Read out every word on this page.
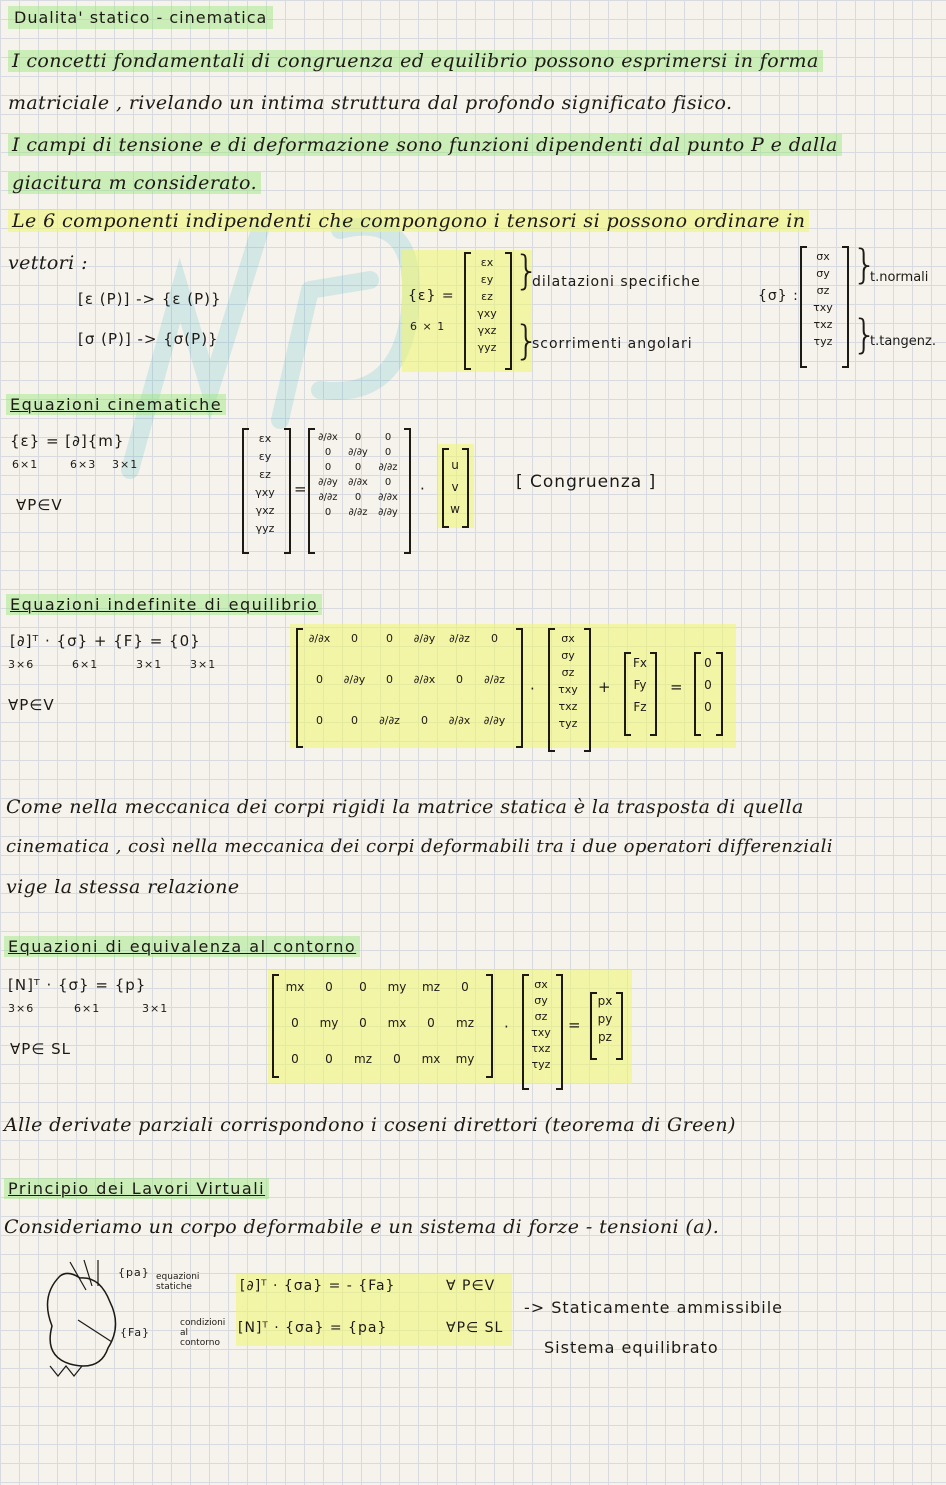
Dualita' statico - cinematica
I concetti fondamentali di congruenza ed equilibrio possono esprimersi in forma
matriciale , rivelando un intima struttura dal profondo significato fisico.
I campi di tensione e di deformazione sono funzioni dipendenti dal punto P e dalla
giacitura m considerato.
Le 6 componenti indipendenti che compongono i tensori si possono ordinare in
vettori :
[ε (P)] -> {ε (P)}
[σ (P)] -> {σ(P)}
{ε} =
6 × 1
εx
εy
εz
γxy
γxz
γyz
}
}
dilatazioni specifiche
scorrimenti angolari
{σ} :
σx
σy
σz
τxy
τxz
τyz
}
}
t.normali
t.tangenz.
Equazioni cinematiche
{ε} = [∂]{m}
6×1	6×3 3×1
∀P∈V
εx
εy
εz
γxy
γxz
γyz
=
∂/∂x	0	0
0	∂/∂y	0
0	0	∂/∂z
∂/∂y	∂/∂x	0
∂/∂z	0	∂/∂x
0	∂/∂z	∂/∂y
·
u
v
w
[ Congruenza ]
Equazioni indefinite di equilibrio
[∂]ᵀ · {σ} + {F} = {0}
3×6	6×1	3×1	3×1
∀P∈V
∂/∂x	0	0	∂/∂y	∂/∂z	0
0	∂/∂y	0	∂/∂x	0	∂/∂z
0	0	∂/∂z	0	∂/∂x	∂/∂y
·
σx
σy
σz
τxy
τxz
τyz
+
Fx
Fy
Fz
=
0
0
0
Come nella meccanica dei corpi rigidi la matrice statica è la trasposta di quella
cinematica , così nella meccanica dei corpi deformabili tra i due operatori differenziali
vige la stessa relazione
Equazioni di equivalenza al contorno
[N]ᵀ · {σ} = {p}
3×6	6×1	3×1
∀P∈ SL
mx	0	0	my	mz	0
0	my	0	mx	0	mz
0	0	mz	0	mx	my
·
σx
σy
σz
τxy
τxz
τyz
=
px
py
pz
Alle derivate parziali corrispondono i coseni direttori (teorema di Green)
Principio dei Lavori Virtuali
Consideriamo un corpo deformabile e un sistema di forze - tensioni (a).
{pa} equazioni statiche
{Fa}
condizioni al contorno
[∂]ᵀ · {σa} = - {Fa}	∀ P∈V
[N]ᵀ · {σa} = {pa}	∀P∈ SL
-> Staticamente ammissibile
Sistema equilibrato
